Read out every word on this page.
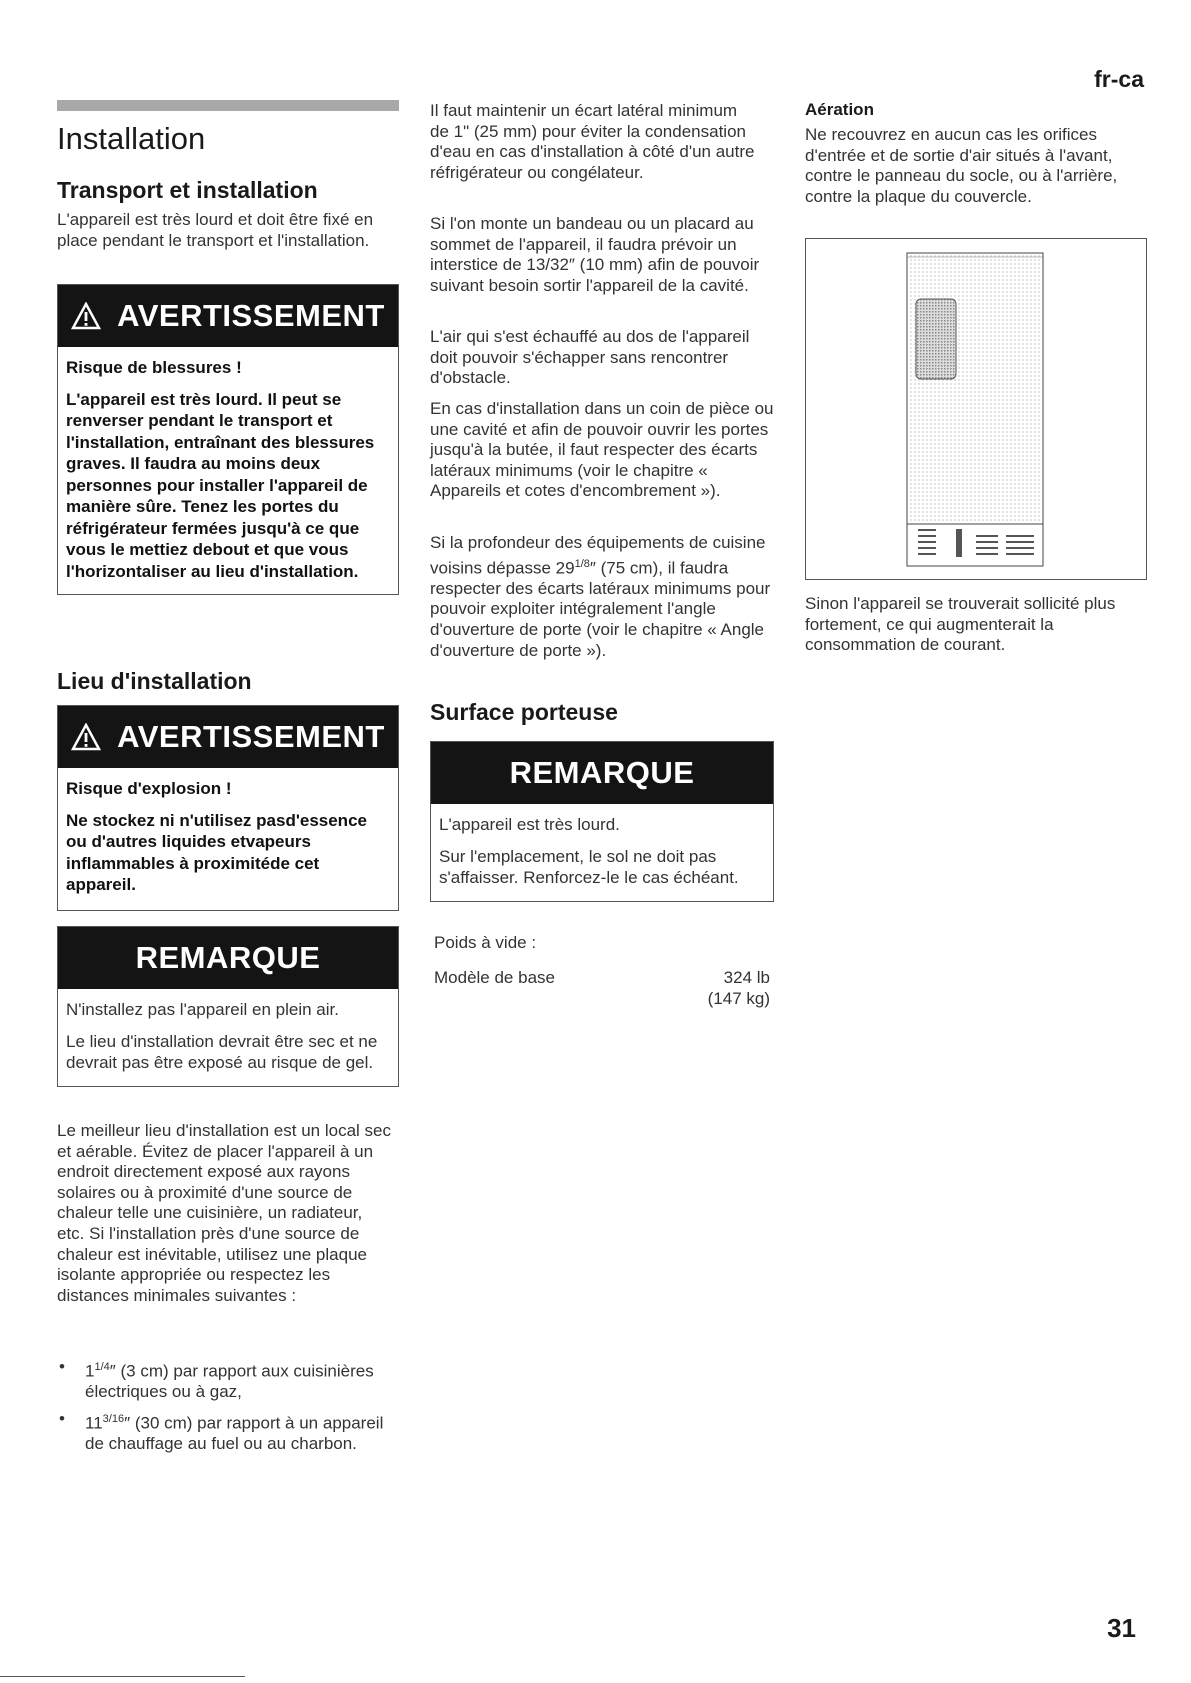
fr-ca
Installation
Transport et installation

L'appareil est très lourd et doit être fixé en place pendant le transport et l'installation.

AVERTISSEMENT

Risque de blessures !

L'appareil est très lourd. Il peut se renverser pendant le transport et l'installation, entraînant des blessures graves. Il faudra au moins deux personnes pour installer l'appareil de manière sûre. Tenez les portes du réfrigérateur fermées jusqu'à ce que vous le mettiez debout et que vous l'horizontaliser au lieu d'installation.

Lieu d'installation
AVERTISSEMENT

Risque d'explosion !

Ne stockez ni n'utilisez pasd'essence ou d'autres liquides etvapeurs inflammables à proximitéde cet appareil.

REMARQUE

N'installez pas l'appareil en plein air.

Le lieu d'installation devrait être sec et ne devrait pas être exposé au risque de gel.

Le meilleur lieu d'installation est un local sec et aérable. Évitez de placer l'appareil à un endroit directement exposé aux rayons solaires ou à proximité d'une source de chaleur telle une cuisinière, un radiateur, etc. Si l'installation près d'une source de chaleur est inévitable, utilisez une plaque isolante appropriée ou respectez les distances minimales suivantes :

• $1^{1/4}''$ (3 cm) par rapport aux cuisinières électriques ou à gaz,
• $11^{3/16}''$ (30 cm) par rapport à un appareil de chauffage au fuel ou au charbon.

Il faut maintenir un écart latéral minimum de 1" (25 mm) pour éviter la condensation d'eau en cas d'installation à côté d'un autre réfrigérateur ou congélateur.

Si l'on monte un bandeau ou un placard au sommet de l'appareil, il faudra prévoir un interstice de 13/32″ (10 mm) afin de pouvoir suivant besoin sortir l'appareil de la cavité.

L'air qui s'est échauffé au dos de l'appareil doit pouvoir s'échapper sans rencontrer d'obstacle.

En cas d'installation dans un coin de pièce ou une cavité et afin de pouvoir ouvrir les portes jusqu'à la butée, il faut respecter des écarts latéraux minimums (voir le chapitre « Appareils et cotes d'encombrement »).

Si la profondeur des équipements de cuisine voisins dépasse $29^{1/8}''$ (75 cm), il faudra respecter des écarts latéraux minimums pour pouvoir exploiter intégralement l'angle d'ouverture de porte (voir le chapitre « Angle d'ouverture de porte »).

Surface porteuse
REMARQUE

L'appareil est très lourd.

Sur l'emplacement, le sol ne doit pas s'affaisser. Renforcez-le le cas échéant.

Poids à vide :

Modèle de base	324 lb
(147 kg)
Aération

Ne recouvrez en aucun cas les orifices d'entrée et de sortie d'air situés à l'avant, contre le panneau du socle, ou à l'arrière, contre la plaque du couvercle.

Sinon l'appareil se trouverait sollicité plus fortement, ce qui augmenterait la consommation de courant.

31
